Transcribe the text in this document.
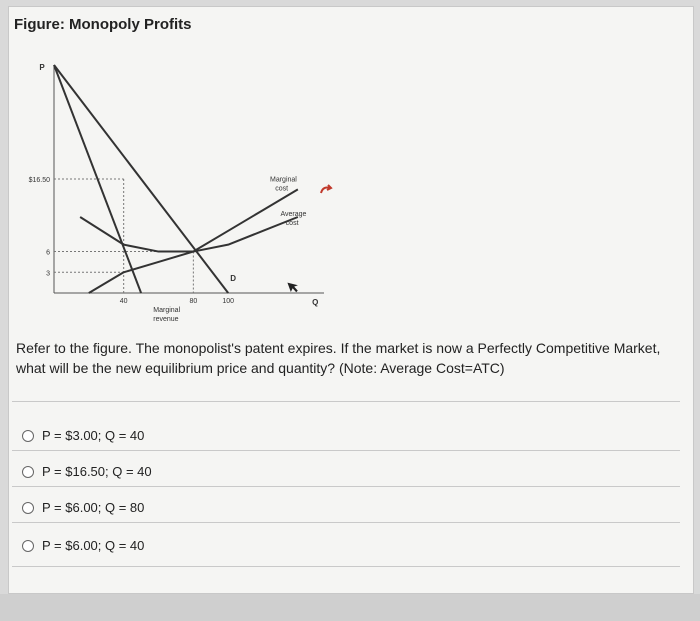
Figure: Monopoly Profits
P
Q
$16.50
6
3
40	80	100
D
Marginal
revenue
Marginal
cost
Average
cost
Refer to the figure. The monopolist's patent expires. If the market is now a Perfectly Competitive Market, what will be the new equilibrium price and quantity? (Note: Average Cost=ATC)
P = $3.00; Q = 40
P = $16.50; Q = 40
P = $6.00; Q = 80
P = $6.00; Q = 40
